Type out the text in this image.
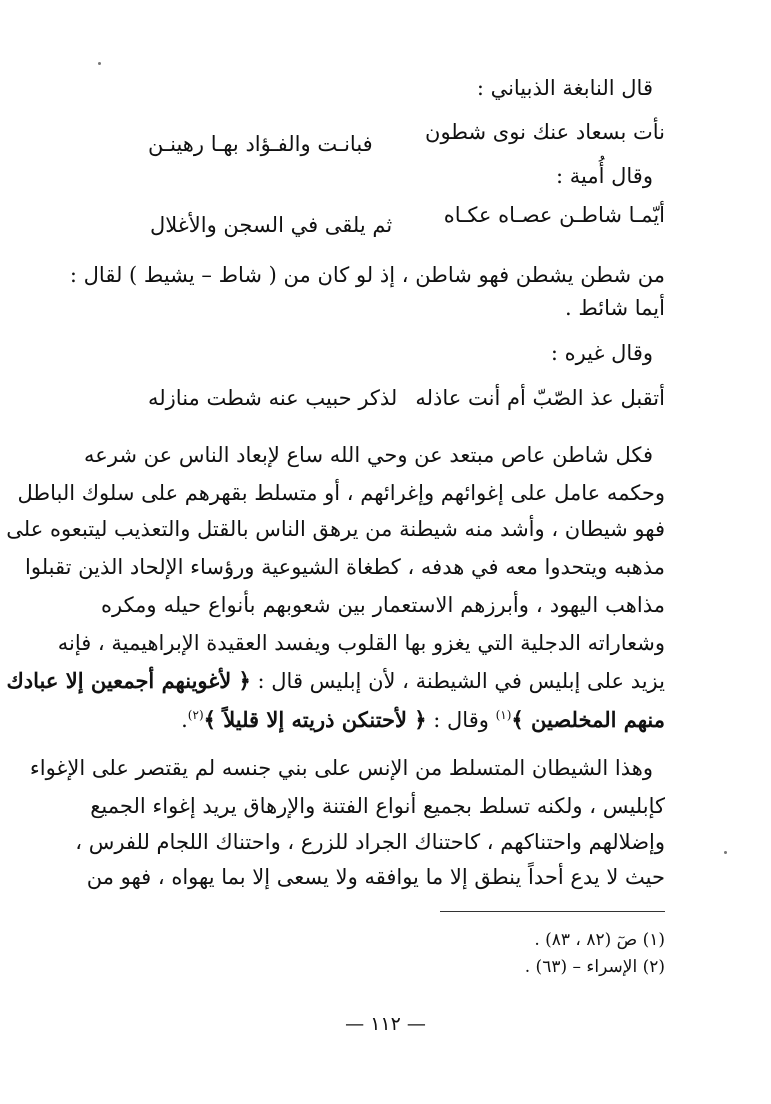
قال النابغة الذبياني :
نأت بسعاد عنك نوى شطون
فبانـت والفـؤاد بهـا رهينـن
وقال أُمية :
أيّمـا شاطـن عصـاه عكـاه
ثم يلقى في السجن والأغلال
من شطن يشطن فهو شاطن ، إذ لو كان من ( شاط – يشيط ) لقال :
أيما شائط .
وقال غيره :
أتقبل عذ الصّبّ أم أنت عاذله
لذكر حبيب عنه شطت منازله
فكل شاطن عاص مبتعد عن وحي الله ساع لإبعاد الناس عن شرعه
وحكمه عامل على إغوائهم وإغرائهم ، أو متسلط بقهرهم على سلوك الباطل
فهو شيطان ، وأشد منه شيطنة من يرهق الناس بالقتل والتعذيب ليتبعوه على
مذهبه ويتحدوا معه في هدفه ، كطغاة الشيوعية ورؤساء الإلحاد الذين تقبلوا
مذاهب اليهود ، وأبرزهم الاستعمار بين شعوبهم بأنواع حيله ومكره
وشعاراته الدجلية التي يغزو بها القلوب ويفسد العقيدة الإبراهيمية ، فإنه
يزيد على إبليس في الشيطنة ، لأن إبليس قال : ﴿ لأغوينهم أجمعين إلا عبادك
منهم المخلصين ﴾$^{(١)}$ وقال : ﴿ لأحتنكن ذريته إلا قليلاً ﴾$^{(٢)}$.
وهذا الشيطان المتسلط من الإنس على بني جنسه لم يقتصر على الإغواء
كإبليس ، ولكنه تسلط بجميع أنواع الفتنة والإرهاق يريد إغواء الجميع
وإضلالهم واحتناكهم ، كاحتناك الجراد للزرع ، واحتناك اللجام للفرس ،
حيث لا يدع أحداً ينطق إلا ما يوافقه ولا يسعى إلا بما يهواه ، فهو من
(١) صٓ (٨٢ ، ٨٣) .
(٢) الإسراء – (٦٣) .
— ١١٢ —
